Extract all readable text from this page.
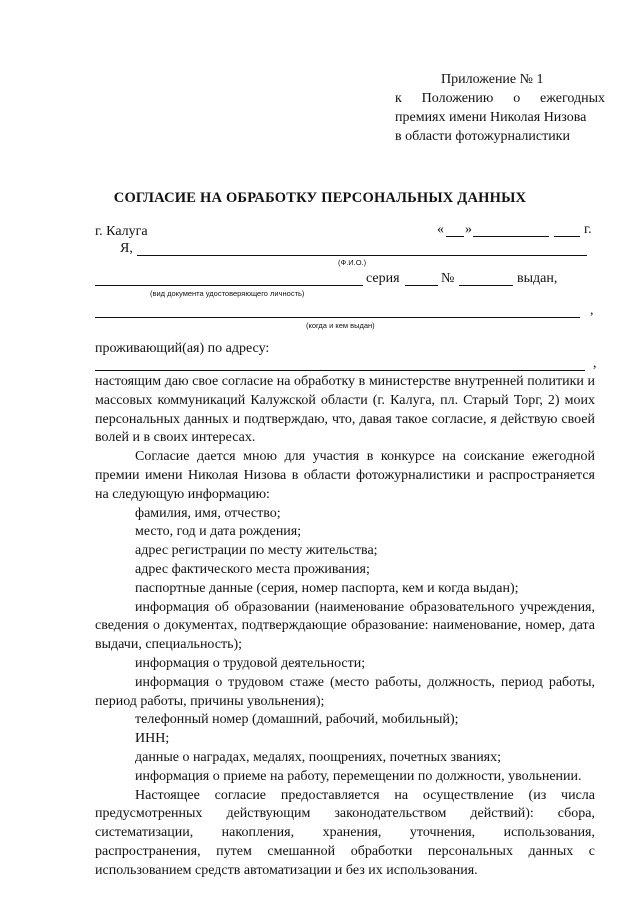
Приложение № 1
к Положению о ежегодных
премиях имени Николая Низова
в области фотожурналистики
СОГЛАСИЕ НА ОБРАБОТКУ ПЕРСОНАЛЬНЫХ ДАННЫХ
г. Калуга	« »	г.
Я,
(Ф.И.О.)
серия	№	выдан,
(вид документа удостоверяющего личность)
,
(когда и кем выдан)
проживающий(ая) по адресу:
,

настоящим даю свое согласие на обработку в министерстве внутренней политики и массовых коммуникаций Калужской области (г. Калуга, пл. Старый Торг, 2) моих персональных данных и подтверждаю, что, давая такое согласие, я действую своей волей и в своих интересах.

Согласие дается мною для участия в конкурсе на соискание ежегодной премии имени Николая Низова в области фотожурналистики и распространяется на следующую информацию:

фамилия, имя, отчество;

место, год и дата рождения;

адрес регистрации по месту жительства;

адрес фактического места проживания;

паспортные данные (серия, номер паспорта, кем и когда выдан);

информация об образовании (наименование образовательного учреждения, сведения о документах, подтверждающие образование: наименование, номер, дата выдачи, специальность);

информация о трудовой деятельности;

информация о трудовом стаже (место работы, должность, период работы, период работы, причины увольнения);

телефонный номер (домашний, рабочий, мобильный);

ИНН;

данные о наградах, медалях, поощрениях, почетных званиях;

информация о приеме на работу, перемещении по должности, увольнении.

Настоящее согласие предоставляется на осуществление (из числа предусмотренных действующим законодательством действий): сбора, систематизации, накопления, хранения, уточнения, использования, распространения, путем смешанной обработки персональных данных с использованием средств автоматизации и без их использования.
